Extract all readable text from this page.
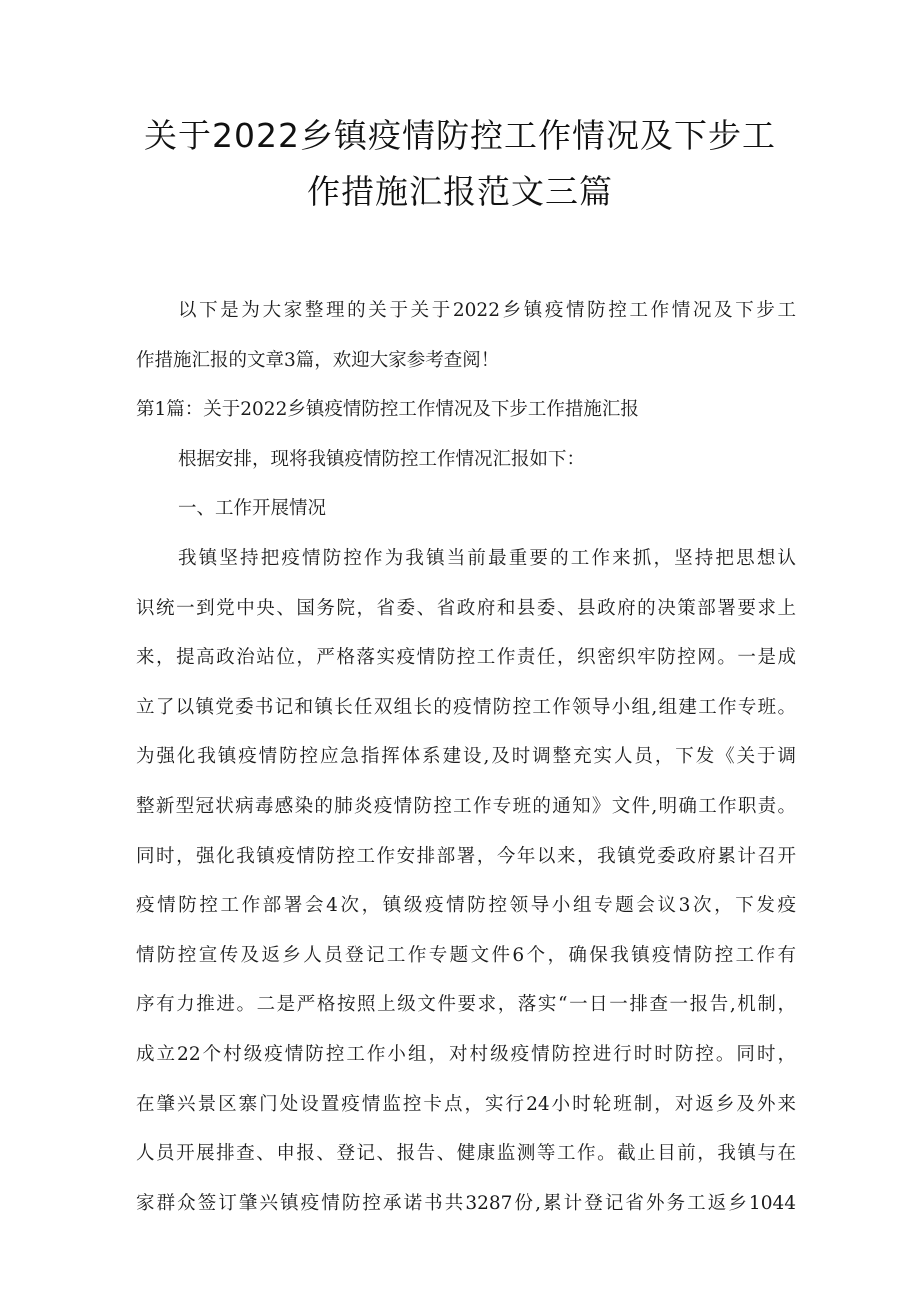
关于2022乡镇疫情防控工作情况及下步工
作措施汇报范文三篇
以下是为大家整理的关于关于2022乡镇疫情防控工作情况及下步工
作措施汇报的文章3篇，欢迎大家参考查阅！
第1篇：关于2022乡镇疫情防控工作情况及下步工作措施汇报
根据安排，现将我镇疫情防控工作情况汇报如下：
一、工作开展情况
我镇坚持把疫情防控作为我镇当前最重要的工作来抓，坚持把思想认
识统一到党中央、国务院，省委、省政府和县委、县政府的决策部署要求上
来，提高政治站位，严格落实疫情防控工作责任，织密织牢防控网。一是成
立了以镇党委书记和镇长任双组长的疫情防控工作领导小组,组建工作专班。
为强化我镇疫情防控应急指挥体系建设,及时调整充实人员，下发《关于调
整新型冠状病毒感染的肺炎疫情防控工作专班的通知》文件,明确工作职责。
同时，强化我镇疫情防控工作安排部署，今年以来，我镇党委政府累计召开
疫情防控工作部署会4次，镇级疫情防控领导小组专题会议3次，下发疫
情防控宣传及返乡人员登记工作专题文件6个，确保我镇疫情防控工作有
序有力推进。二是严格按照上级文件要求，落实“一日一排查一报告,机制，
成立22个村级疫情防控工作小组，对村级疫情防控进行时时防控。同时，
在肇兴景区寨门处设置疫情监控卡点，实行24小时轮班制，对返乡及外来
人员开展排查、申报、登记、报告、健康监测等工作。截止目前，我镇与在
家群众签订肇兴镇疫情防控承诺书共3287份,累计登记省外务工返乡1044
